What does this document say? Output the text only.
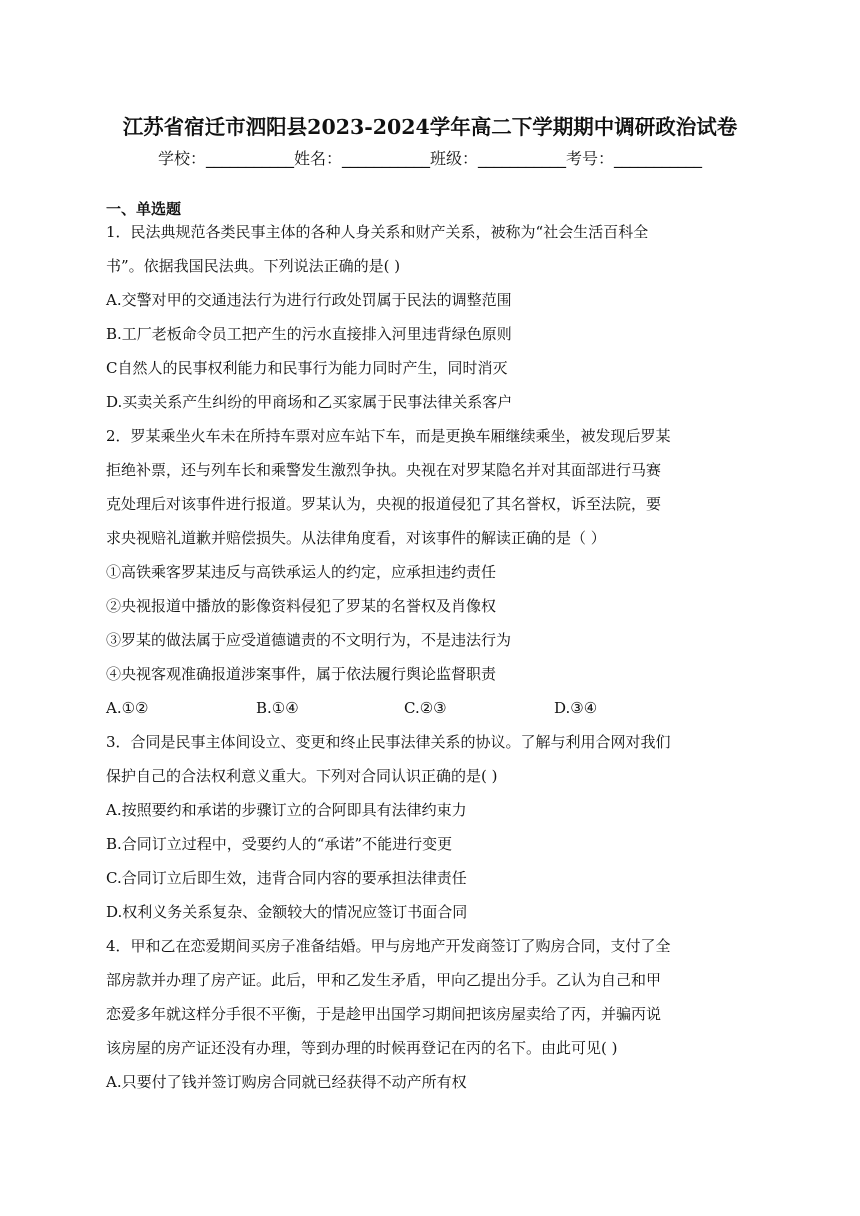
江苏省宿迁市泗阳县2023-2024学年高二下学期期中调研政治试卷
学校：___________姓名：___________班级：___________考号：___________
一、单选题
1．民法典规范各类民事主体的各种人身关系和财产关系，被称为“社会生活百科全
书”。依据我国民法典。下列说法正确的是( )
A.交警对甲的交通违法行为进行行政处罚属于民法的调整范围
B.工厂老板命令员工把产生的污水直接排入河里违背绿色原则
C自然人的民事权利能力和民事行为能力同时产生，同时消灭
D.买卖关系产生纠纷的甲商场和乙买家属于民事法律关系客户
2．罗某乘坐火车未在所持车票对应车站下车，而是更换车厢继续乘坐，被发现后罗某
拒绝补票，还与列车长和乘警发生激烈争执。央视在对罗某隐名并对其面部进行马赛
克处理后对该事件进行报道。罗某认为，央视的报道侵犯了其名誉权，诉至法院，要
求央视赔礼道歉并赔偿损失。从法律角度看，对该事件的解读正确的是（ ）
①高铁乘客罗某违反与高铁承运人的约定，应承担违约责任
②央视报道中播放的影像资料侵犯了罗某的名誉权及肖像权
③罗某的做法属于应受道德谴责的不文明行为，不是违法行为
④央视客观准确报道涉案事件，属于依法履行舆论监督职责
A.①②	B.①④	C.②③	D.③④
3．合同是民事主体间设立、变更和终止民事法律关系的协议。了解与利用合网对我们
保护自己的合法权利意义重大。下列对合同认识正确的是( )
A.按照要约和承诺的步骤订立的合阿即具有法律约束力
B.合同订立过程中，受要约人的“承诺”不能进行变更
C.合同订立后即生效，违背合同内容的要承担法律责任
D.权利义务关系复杂、金额较大的情况应签订书面合同
4．甲和乙在恋爱期间买房子准备结婚。甲与房地产开发商签订了购房合同，支付了全
部房款并办理了房产证。此后，甲和乙发生矛盾，甲向乙提出分手。乙认为自己和甲
恋爱多年就这样分手很不平衡，于是趁甲出国学习期间把该房屋卖给了丙，并骗丙说
该房屋的房产证还没有办理，等到办理的时候再登记在丙的名下。由此可见( )
A.只要付了钱并签订购房合同就已经获得不动产所有权
